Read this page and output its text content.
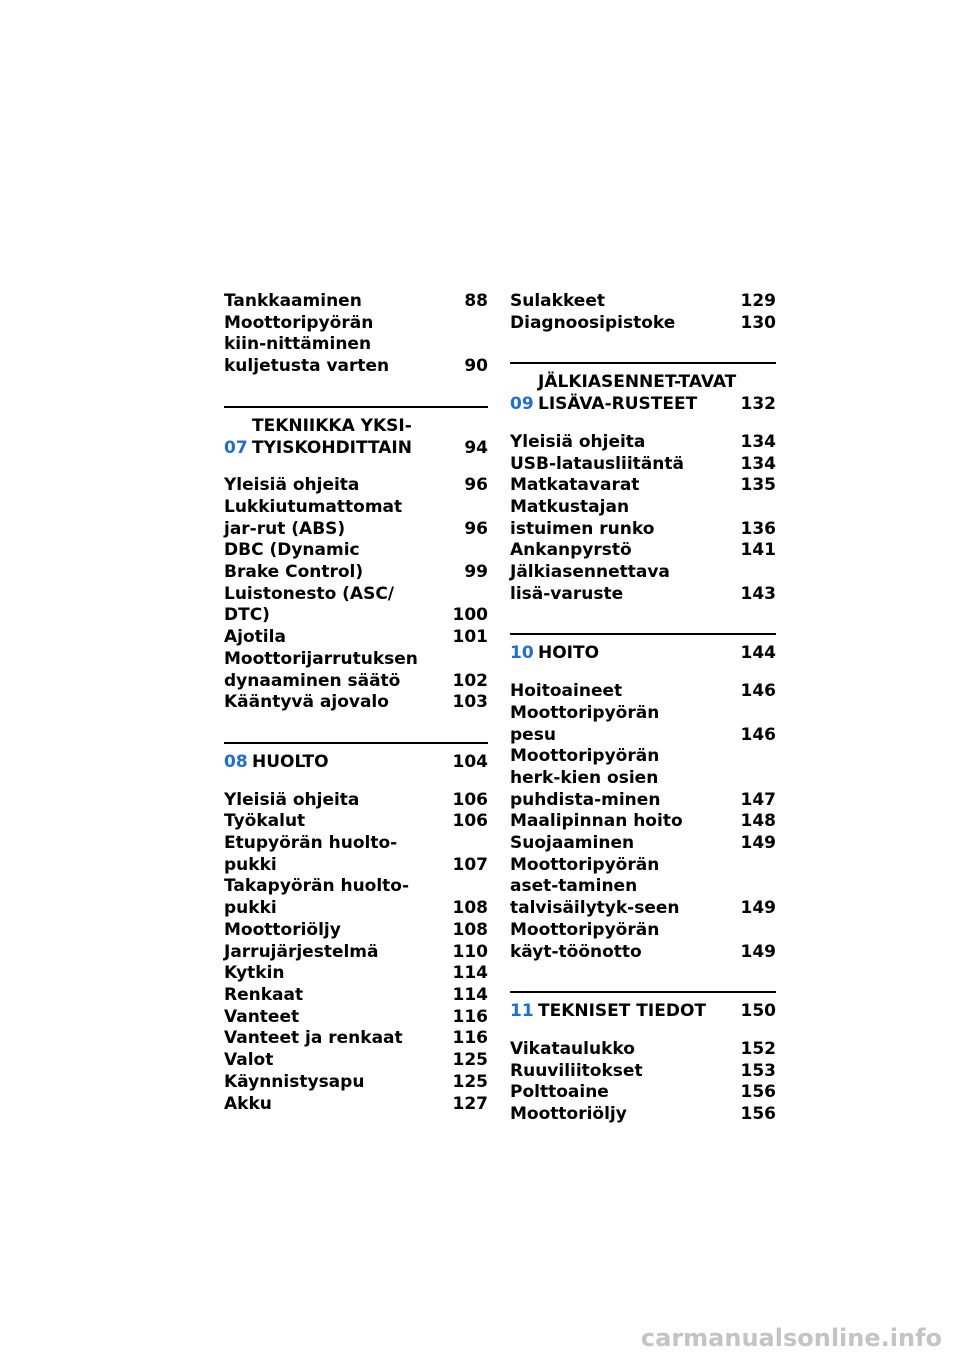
Tankkaaminen	88
Moottoripyörän kiin-nittäminen kuljetusta varten	90
07
TEKNIIKKA YKSI-TYISKOHDITTAIN	94
Yleisiä ohjeita	96
Lukkiutumattomat jar-rut (ABS)	96
DBC (Dynamic Brake Control)	99
Luistonesto (ASC/ DTC)	100
Ajotila	101
Moottorijarrutuksen dynaaminen säätö	102
Kääntyvä ajovalo	103
08 HUOLTO	104
Yleisiä ohjeita	106
Työkalut	106
Etupyörän huolto-pukki	107
Takapyörän huolto-pukki	108
Moottoriöljy	108
Jarrujärjestelmä	110
Kytkin	114
Renkaat	114
Vanteet	116
Vanteet ja renkaat	116
Valot	125
Käynnistysapu	125
Akku	127
Sulakkeet	129
Diagnoosipistoke	130
09
JÄLKIASENNET-TAVAT LISÄVA-RUSTEET	132
Yleisiä ohjeita	134
USB-latausliitäntä	134
Matkatavarat	135
Matkustajan istuimen runko	136
Ankanpyrstö	141
Jälkiasennettava lisä-varuste	143
10 HOITO	144
Hoitoaineet	146
Moottoripyörän pesu	146
Moottoripyörän herk-kien osien puhdista-minen	147
Maalipinnan hoito	148
Suojaaminen	149
Moottoripyörän aset-taminen talvisäilytyk-seen	149
Moottoripyörän käyt-töönotto	149
11 TEKNISET TIEDOT	150
Vikataulukko	152
Ruuviliitokset	153
Polttoaine	156
Moottoriöljy	156
carmanualsonline.info
